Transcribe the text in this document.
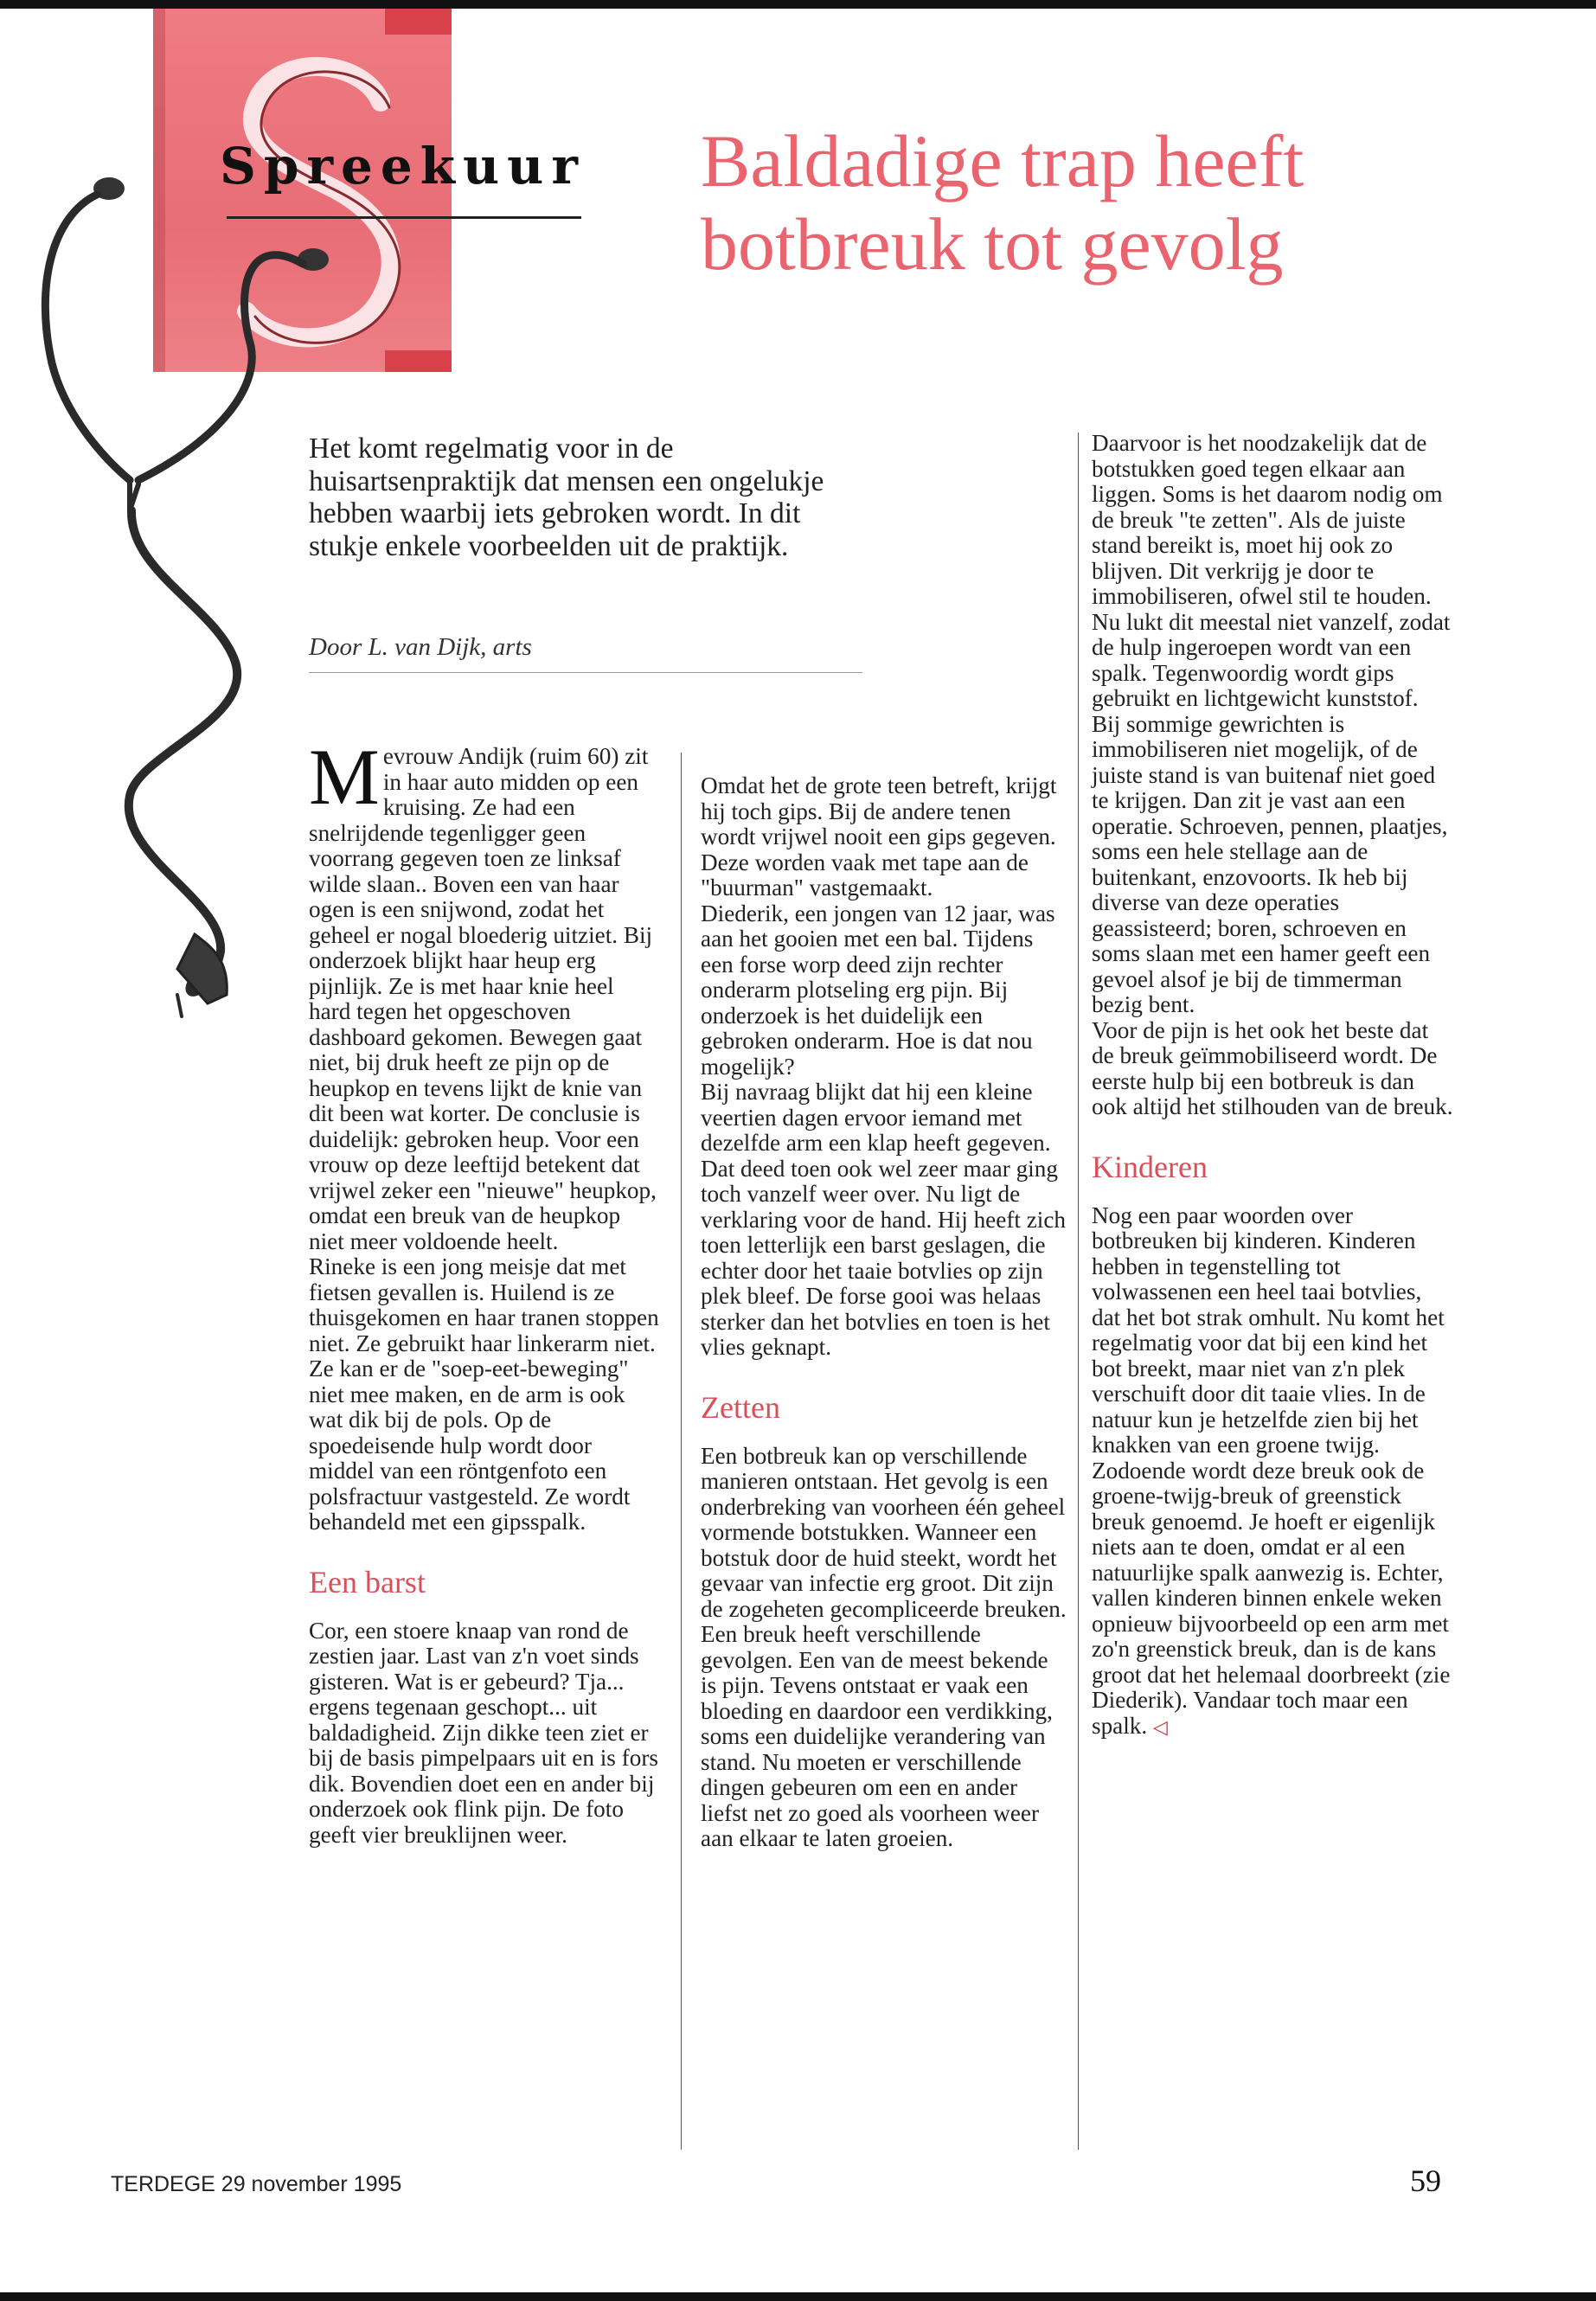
Spreekuur Baldadige trap heeft
botbreuk tot gevolg
Het komt regelmatig voor in de huisartsenpraktijk dat mensen een ongelukje hebben waarbij iets gebroken wordt. In dit stukje enkele voorbeelden uit de praktijk.
Door L. van Dijk, arts

Mevrouw Andijk (ruim 60) zit in haar auto midden op een kruising. Ze had een snelrijdende tegenligger geen voorrang gegeven toen ze linksaf wilde slaan.. Boven een van haar ogen is een snijwond, zodat het geheel er nogal bloederig uitziet. Bij onderzoek blijkt haar heup erg pijnlijk. Ze is met haar knie heel hard tegen het opgeschoven dashboard gekomen. Bewegen gaat niet, bij druk heeft ze pijn op de heupkop en tevens lijkt de knie van dit been wat korter. De conclusie is duidelijk: gebroken heup. Voor een vrouw op deze leeftijd betekent dat vrijwel zeker een "nieuwe" heupkop, omdat een breuk van de heupkop niet meer voldoende heelt.

Rineke is een jong meisje dat met fietsen gevallen is. Huilend is ze thuisgekomen en haar tranen stoppen niet. Ze gebruikt haar linkerarm niet. Ze kan er de "soep-eet-beweging" niet mee maken, en de arm is ook wat dik bij de pols. Op de spoedeisende hulp wordt door middel van een röntgenfoto een polsfractuur vastgesteld. Ze wordt behandeld met een gipsspalk.

Een barst

Cor, een stoere knaap van rond de zestien jaar. Last van z'n voet sinds gisteren. Wat is er gebeurd? Tja... ergens tegenaan geschopt... uit baldadigheid. Zijn dikke teen ziet er bij de basis pimpelpaars uit en is fors dik. Bovendien doet een en ander bij onderzoek ook flink pijn. De foto geeft vier breuklijnen weer.

Omdat het de grote teen betreft, krijgt hij toch gips. Bij de andere tenen wordt vrijwel nooit een gips gegeven. Deze worden vaak met tape aan de "buurman" vastgemaakt.

Diederik, een jongen van 12 jaar, was aan het gooien met een bal. Tijdens een forse worp deed zijn rechter onderarm plotseling erg pijn. Bij onderzoek is het duidelijk een gebroken onderarm. Hoe is dat nou mogelijk?

Bij navraag blijkt dat hij een kleine veertien dagen ervoor iemand met dezelfde arm een klap heeft gegeven. Dat deed toen ook wel zeer maar ging toch vanzelf weer over. Nu ligt de verklaring voor de hand. Hij heeft zich toen letterlijk een barst geslagen, die echter door het taaie botvlies op zijn plek bleef. De forse gooi was helaas sterker dan het botvlies en toen is het vlies geknapt.

Zetten

Een botbreuk kan op verschillende manieren ontstaan. Het gevolg is een onderbreking van voorheen één geheel vormende botstukken. Wanneer een botstuk door de huid steekt, wordt het gevaar van infectie erg groot. Dit zijn de zogeheten gecompliceerde breuken.

Een breuk heeft verschillende gevolgen. Een van de meest bekende is pijn. Tevens ontstaat er vaak een bloeding en daardoor een verdikking, soms een duidelijke verandering van stand. Nu moeten er verschillende dingen gebeuren om een en ander liefst net zo goed als voorheen weer aan elkaar te laten groeien.

Daarvoor is het noodzakelijk dat de botstukken goed tegen elkaar aan liggen. Soms is het daarom nodig om de breuk "te zetten". Als de juiste stand bereikt is, moet hij ook zo blijven. Dit verkrijg je door te immobiliseren, ofwel stil te houden. Nu lukt dit meestal niet vanzelf, zodat de hulp ingeroepen wordt van een spalk. Tegenwoordig wordt gips gebruikt en lichtgewicht kunststof.

Bij sommige gewrichten is immobiliseren niet mogelijk, of de juiste stand is van buitenaf niet goed te krijgen. Dan zit je vast aan een operatie. Schroeven, pennen, plaatjes, soms een hele stellage aan de buitenkant, enzovoorts. Ik heb bij diverse van deze operaties geassisteerd; boren, schroeven en soms slaan met een hamer geeft een gevoel alsof je bij de timmerman bezig bent.

Voor de pijn is het ook het beste dat de breuk geïmmobiliseerd wordt. De eerste hulp bij een botbreuk is dan ook altijd het stilhouden van de breuk.

Kinderen

Nog een paar woorden over botbreuken bij kinderen. Kinderen hebben in tegenstelling tot volwassenen een heel taai botvlies, dat het bot strak omhult. Nu komt het regelmatig voor dat bij een kind het bot breekt, maar niet van z'n plek verschuift door dit taaie vlies. In de natuur kun je hetzelfde zien bij het knakken van een groene twijg. Zodoende wordt deze breuk ook de groene-twijg-breuk of greenstick breuk genoemd. Je hoeft er eigenlijk niets aan te doen, omdat er al een natuurlijke spalk aanwezig is. Echter, vallen kinderen binnen enkele weken opnieuw bijvoorbeeld op een arm met zo'n greenstick breuk, dan is de kans groot dat het helemaal doorbreekt (zie Diederik). Vandaar toch maar een spalk. ◁

TERDEGE 29 november 1995	59
